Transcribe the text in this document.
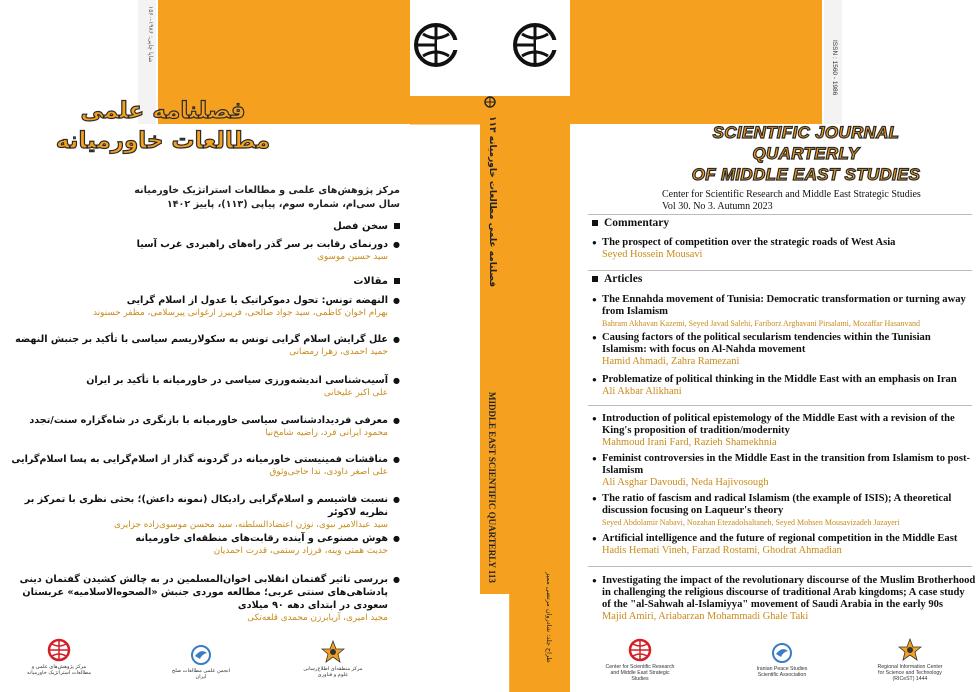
شاپا چاپی: ۱۹۸۶-۱۵۶۰	ISSN : 1560 - 1986
فصلنامه علمی مطالعات خاورمیانه ۱۱۳
MIDDLE EAST SCIENTIFIC QUARTERLY 113
طراح جلد: شادروان مرتضی ممیز
فصلنامه علمی
مطالعات خاورمیانه
مرکز پژوهش‌های علمی و مطالعات استراتژیک خاورمیانه
سال سی‌ام، شماره سوم، پیاپی (۱۱۳)، پاییز ۱۴۰۲
سخن فصل
● دورنمای رقابت بر سر گذر راه‌های راهبردی غرب آسیا
سید حسین موسوی
مقالات
● النهضه تونس: تحول دموکراتیک یا عدول از اسلام گرایی
بهرام اخوان کاظمی، سید جواد صالحی، فریبرز ارغوانی پیرسلامی، مظفر حسنوند
● علل گرایش اسلام گرایی تونس به سکولاریسم سیاسی با تأکید بر جنبش النهضه
حمید احمدی، زهرا رمضانی
● آسیب‌شناسی اندیشه‌ورزی سیاسی در خاورمیانه با تأکید بر ایران
علی اکبر علیخانی
● معرفی فردیدادشناسی سیاسی خاورمیانه با بازنگری در شاه‌گزاره سنت/تجدد
محمود ایرانی فرد، راضیه شامخ‌نیا
● مناقشات فمینیستی خاورمیانه در گردونه گذار از اسلام‌گرایی به پسا اسلام‌گرایی
علی اصغر داودی، ندا حاجی‌وثوق
● نسبت فاشیسم و اسلام‌گرایی رادیکال (نمونه داعش)؛ بحثی نظری با تمرکز بر نظریه لاکوئر
سید عبدالامیر نبوی، نوژن اعتضادالسلطنه، سید محسن موسوی‌زاده جزایری
● هوش مصنوعی و آینده رقابت‌های منطقه‌ای خاورمیانه
حدیث همتی وینه، فرزاد رستمی، قدرت احمدیان
● بررسی تاثیر گفتمان انقلابی اخوان‌المسلمین در به چالش کشیدن گفتمان دینی پادشاهی‌های سنتی عربی؛ مطالعه موردی جنبش «الصحوه‌الاسلامیه» عربستان سعودی در ابتدای دهه ۹۰ میلادی
مجید امیری، آریابرزن محمدی قلعه‌تکی
مرکز پژوهش‌های علمی و مطالعات استراتژیک خاورمیانه	انجمن علمی مطالعات صلح ایران
مرکز منطقه‌ای اطلاع‌رسانی علوم و فناوری
SCIENTIFIC JOURNAL QUARTERLY
OF MIDDLE EAST STUDIES
Center for Scientific Research and Middle East Strategic Studies
Vol 30. No 3. Autumn 2023
Commentary
● The prospect of competition over the strategic roads of West Asia
Seyed Hossein Mousavi
Articles
● The Ennahda movement of Tunisia: Democratic transformation or turning away from Islamism
Bahram Akhavan Kazemi, Seyed Javad Salehi, Fariborz Arghavani Pirsalami, Mozaffar Hasanvand
● Causing factors of the political secularism tendencies within the Tunisian Islamism: with focus on Al-Nahda movement
Hamid Ahmadi, Zahra Ramezani
● Problematize of political thinking in the Middle East with an emphasis on Iran
Ali Akbar Alikhani
● Introduction of political epistemology of the Middle East with a revision of the King's proposition of tradition/modernity
Mahmoud Irani Fard, Razieh Shamekhnia
● Feminist controversies in the Middle East in the transition from Islamism to post-Islamism
Ali Asghar Davoudi, Neda Hajivosough
● The ratio of fascism and radical Islamism (the example of ISIS); A theoretical discussion focusing on Laqueur's theory
Seyed Abdolamir Nabavi, Nozahan Etezadolsaltaneh, Seyed Mohsen Mousavizadeh Jazayeri
● Artificial intelligence and the future of regional competition in the Middle East
Hadis Hemati Vineh, Farzad Rostami, Ghodrat Ahmadian
● Investigating the impact of the revolutionary discourse of the Muslim Brotherhood in challenging the religious discourse of traditional Arab kingdoms; A case study of the "al-Sahwah al-Islamiyya" movement of Saudi Arabia in the early 90s
Majid Amiri, Ariabarzan Mohammadi Ghale Taki
Center for Scientific Research and Middle East Strategic Studies
Iranian Peace Studies Scientific Association
Regional Information Center for Science and Technology (RICeST) 1444
